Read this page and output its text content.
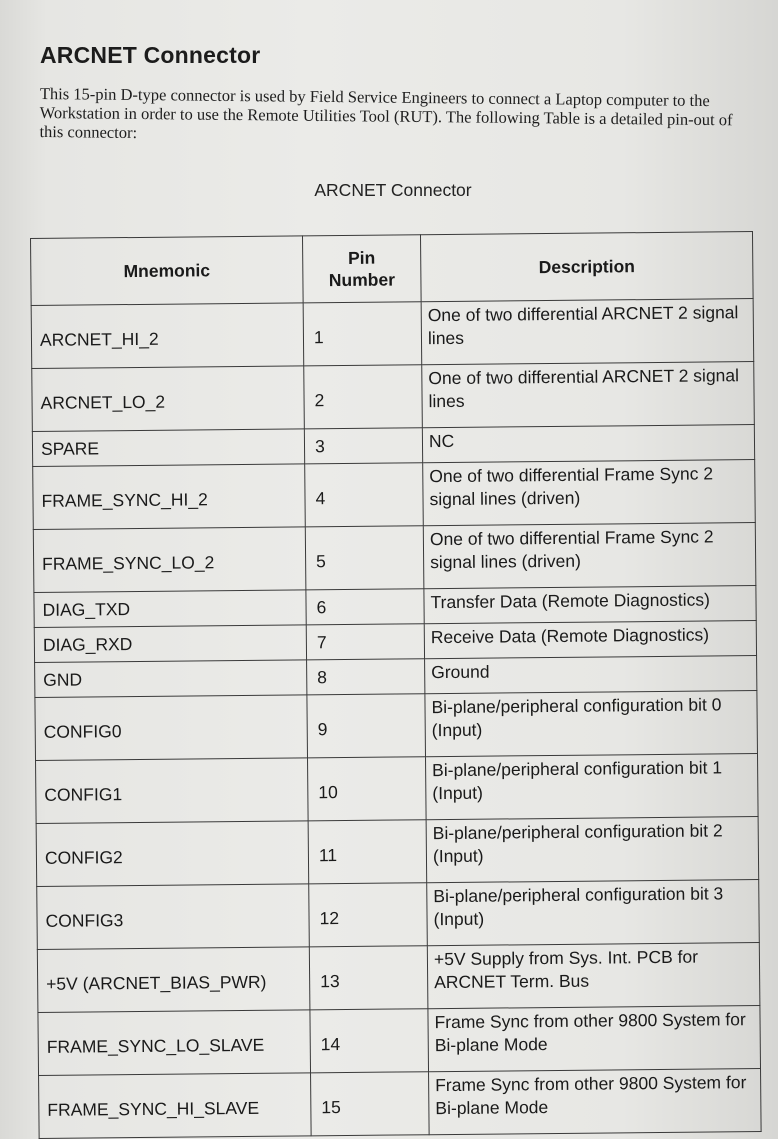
ARCNET Connector
This 15-pin D-type connector is used by Field Service Engineers to connect a Laptop computer to the Workstation in order to use the Remote Utilities Tool (RUT). The following Table is a detailed pin-out of this connector:
ARCNET Connector
Mnemonic	Pin Number	Description
ARCNET_HI_2	1	One of two differential ARCNET 2 signal lines
ARCNET_LO_2	2	One of two differential ARCNET 2 signal lines
SPARE	3	NC
FRAME_SYNC_HI_2	4	One of two differential Frame Sync 2 signal lines (driven)
FRAME_SYNC_LO_2	5	One of two differential Frame Sync 2 signal lines (driven)
DIAG_TXD	6	Transfer Data (Remote Diagnostics)
DIAG_RXD	7	Receive Data (Remote Diagnostics)
GND	8	Ground
CONFIG0	9	Bi-plane/peripheral configuration bit 0 (Input)
CONFIG1	10	Bi-plane/peripheral configuration bit 1 (Input)
CONFIG2	11	Bi-plane/peripheral configuration bit 2 (Input)
CONFIG3	12	Bi-plane/peripheral configuration bit 3 (Input)
+5V (ARCNET_BIAS_PWR)	13	+5V Supply from Sys. Int. PCB for ARCNET Term. Bus
FRAME_SYNC_LO_SLAVE	14	Frame Sync from other 9800 System for Bi-plane Mode
FRAME_SYNC_HI_SLAVE	15	Frame Sync from other 9800 System for Bi-plane Mode
